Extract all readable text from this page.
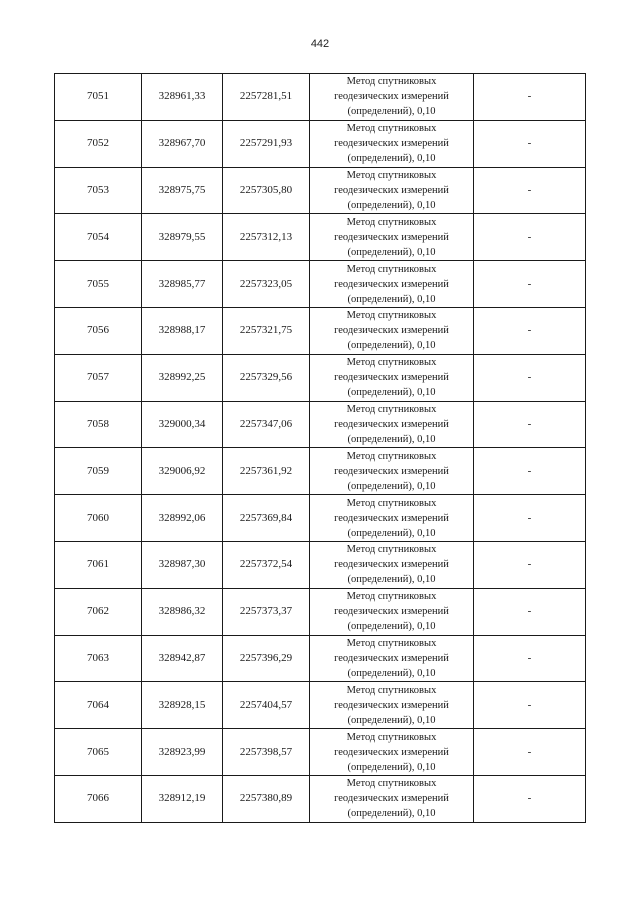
442
7051	328961,33	2257281,51	Метод спутниковых
геодезических измерений
(определений), 0,10	-
7052	328967,70	2257291,93	Метод спутниковых
геодезических измерений
(определений), 0,10	-
7053	328975,75	2257305,80	Метод спутниковых
геодезических измерений
(определений), 0,10	-
7054	328979,55	2257312,13	Метод спутниковых
геодезических измерений
(определений), 0,10	-
7055	328985,77	2257323,05	Метод спутниковых
геодезических измерений
(определений), 0,10	-
7056	328988,17	2257321,75	Метод спутниковых
геодезических измерений
(определений), 0,10	-
7057	328992,25	2257329,56	Метод спутниковых
геодезических измерений
(определений), 0,10	-
7058	329000,34	2257347,06	Метод спутниковых
геодезических измерений
(определений), 0,10	-
7059	329006,92	2257361,92	Метод спутниковых
геодезических измерений
(определений), 0,10	-
7060	328992,06	2257369,84	Метод спутниковых
геодезических измерений
(определений), 0,10	-
7061	328987,30	2257372,54	Метод спутниковых
геодезических измерений
(определений), 0,10	-
7062	328986,32	2257373,37	Метод спутниковых
геодезических измерений
(определений), 0,10	-
7063	328942,87	2257396,29	Метод спутниковых
геодезических измерений
(определений), 0,10	-
7064	328928,15	2257404,57	Метод спутниковых
геодезических измерений
(определений), 0,10	-
7065	328923,99	2257398,57	Метод спутниковых
геодезических измерений
(определений), 0,10	-
7066	328912,19	2257380,89	Метод спутниковых
геодезических измерений
(определений), 0,10	-
